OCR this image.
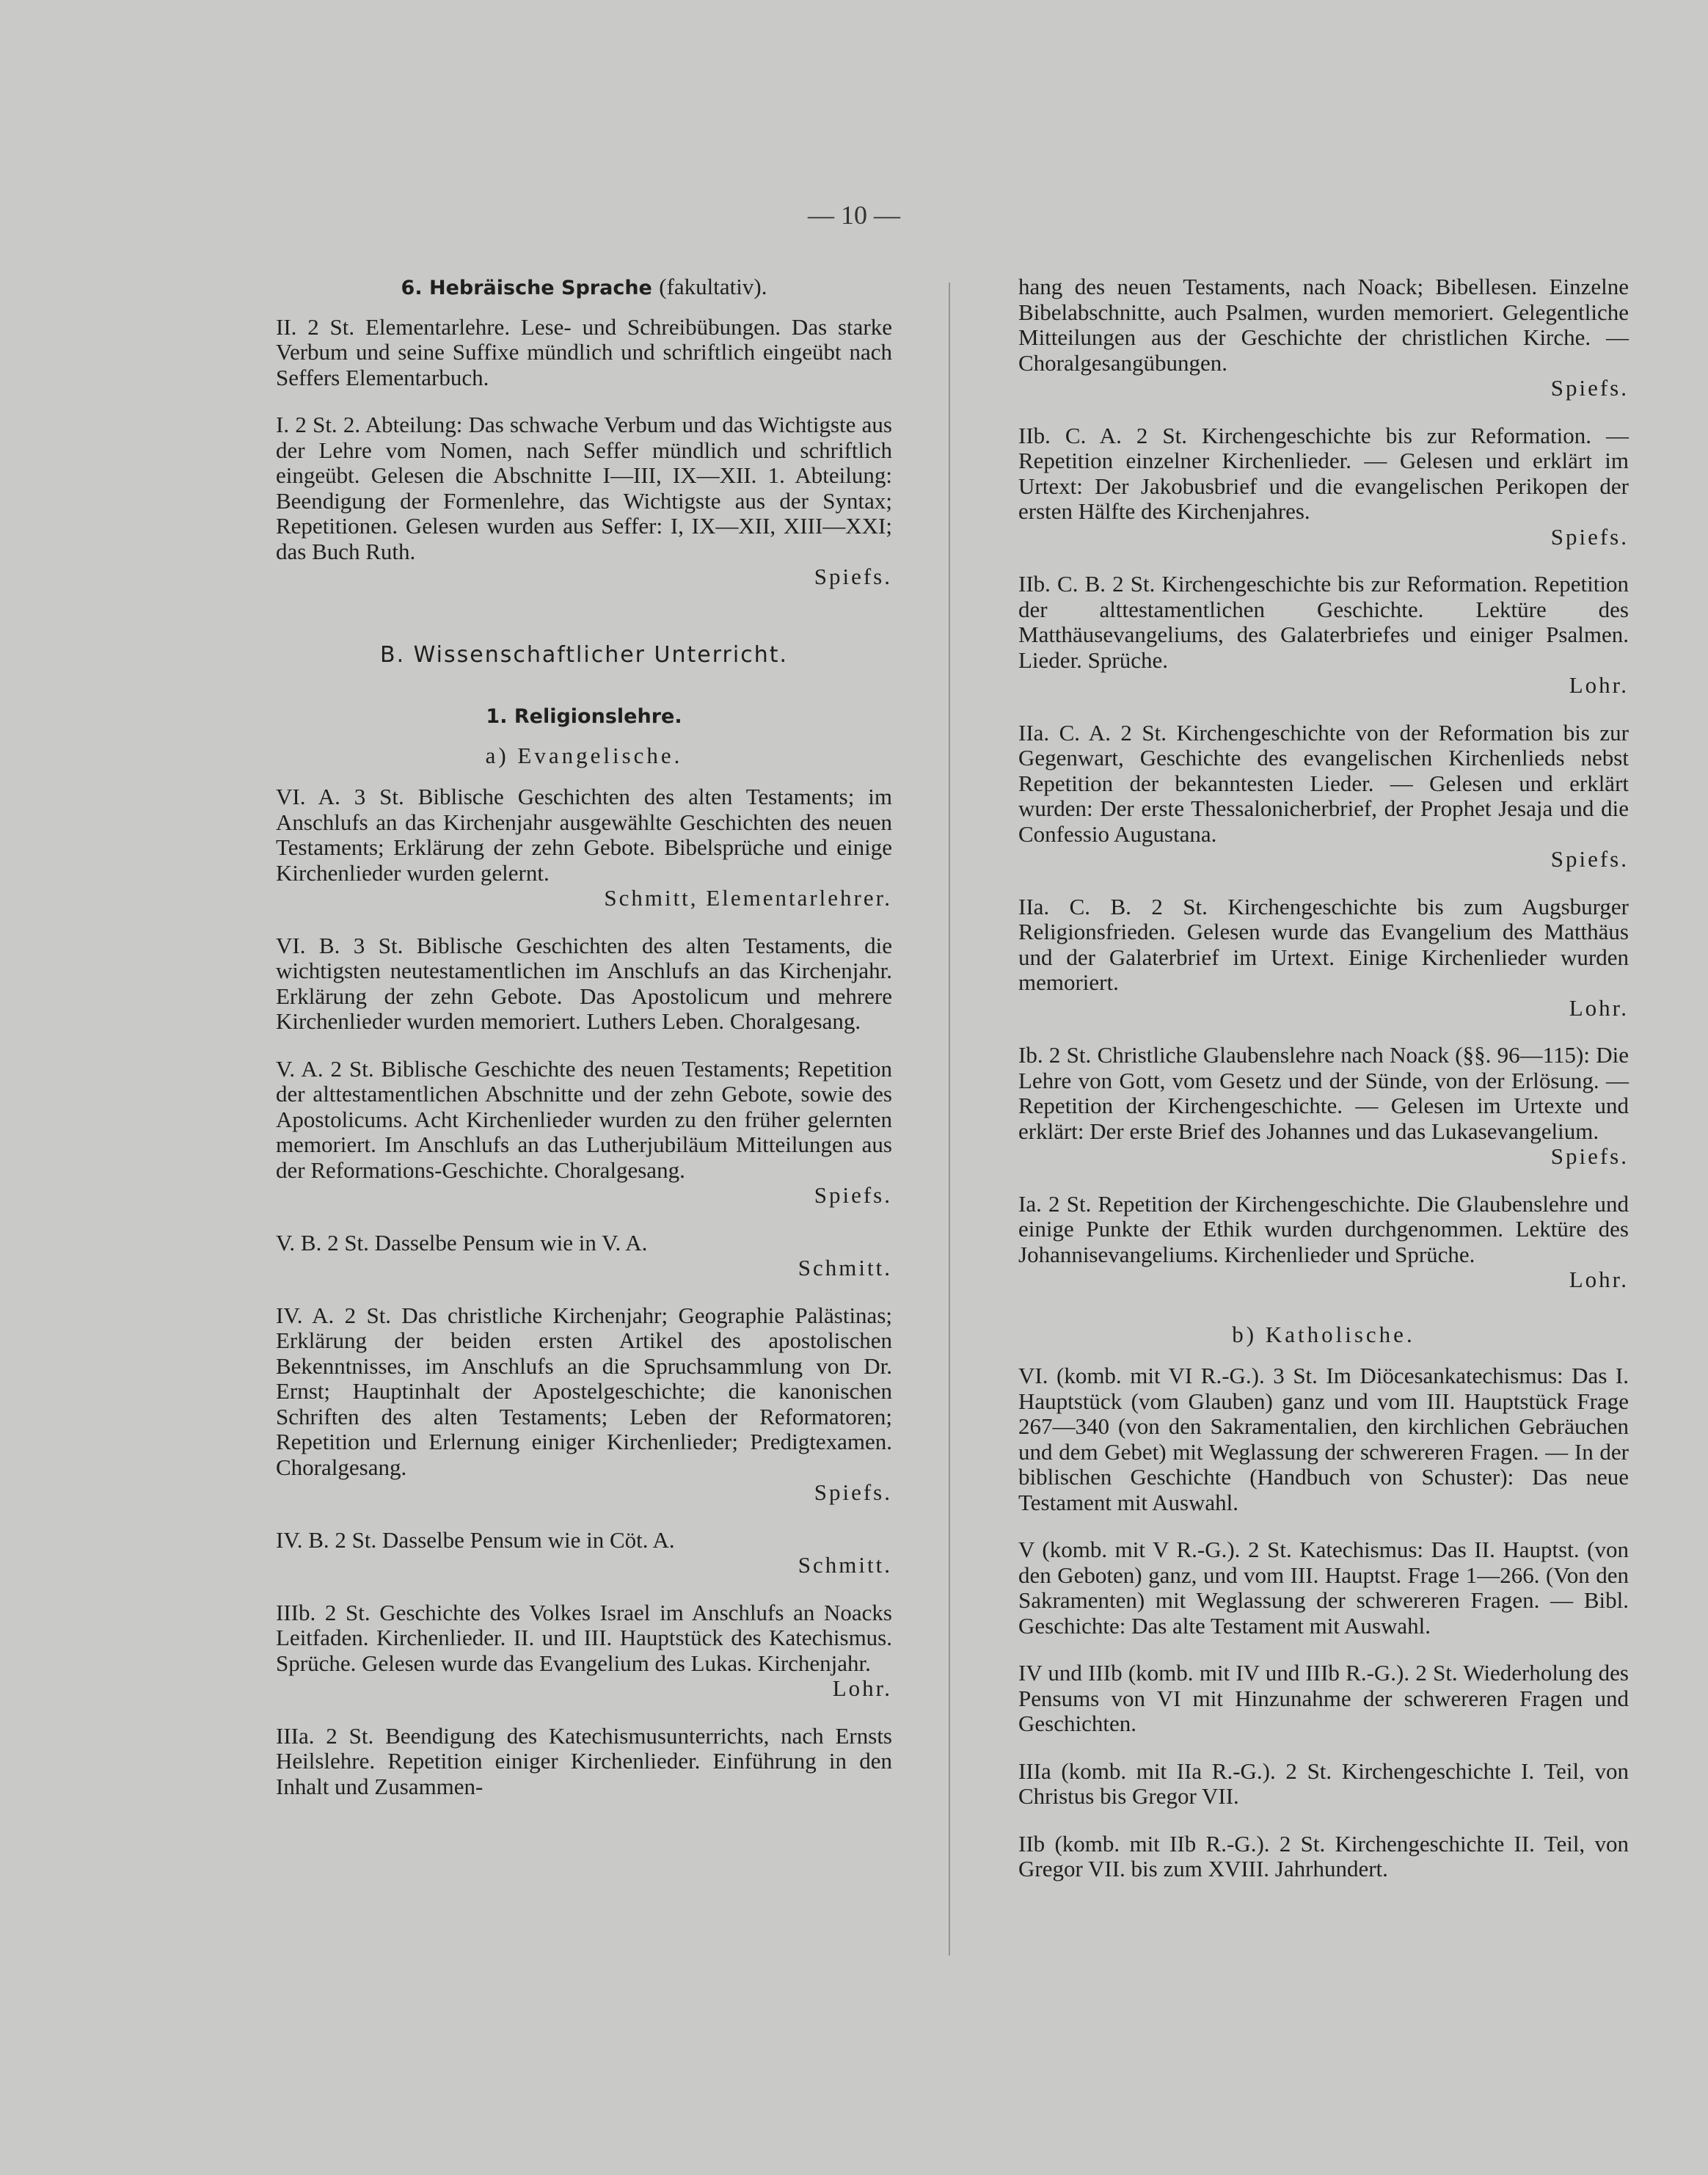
— 10 —
6. Hebräische Sprache (fakultativ).
II. 2 St. Elementarlehre. Lese- und Schreibübungen. Das starke Verbum und seine Suffixe mündlich und schriftlich eingeübt nach Seffers Elementarbuch.
I. 2 St. 2. Abteilung: Das schwache Verbum und das Wichtigste aus der Lehre vom Nomen, nach Seffer mündlich und schriftlich eingeübt. Gelesen die Abschnitte I—III, IX—XII. 1. Abteilung: Beendigung der Formenlehre, das Wichtigste aus der Syntax; Repetitionen. Gelesen wurden aus Seffer: I, IX—XII, XIII—XXI; das Buch Ruth.
Spiefs.
B. Wissenschaftlicher Unterricht.
1. Religionslehre.
a) Evangelische.
VI. A. 3 St. Biblische Geschichten des alten Testaments; im Anschlufs an das Kirchenjahr ausgewählte Geschichten des neuen Testaments; Erklärung der zehn Gebote. Bibelsprüche und einige Kirchenlieder wurden gelernt.
Schmitt, Elementarlehrer.
VI. B. 3 St. Biblische Geschichten des alten Testaments, die wichtigsten neutestamentlichen im Anschlufs an das Kirchenjahr. Erklärung der zehn Gebote. Das Apostolicum und mehrere Kirchenlieder wurden memoriert. Luthers Leben. Choralgesang.
V. A. 2 St. Biblische Geschichte des neuen Testaments; Repetition der alttestamentlichen Abschnitte und der zehn Gebote, sowie des Apostolicums. Acht Kirchenlieder wurden zu den früher gelernten memoriert. Im Anschlufs an das Lutherjubiläum Mitteilungen aus der Reformations-Geschichte. Choralgesang.
Spiefs.
V. B. 2 St. Dasselbe Pensum wie in V. A.
Schmitt.
IV. A. 2 St. Das christliche Kirchenjahr; Geographie Palästinas; Erklärung der beiden ersten Artikel des apostolischen Bekenntnisses, im Anschlufs an die Spruchsammlung von Dr. Ernst; Hauptinhalt der Apostelgeschichte; die kanonischen Schriften des alten Testaments; Leben der Reformatoren; Repetition und Erlernung einiger Kirchenlieder; Predigtexamen. Choralgesang.
Spiefs.
IV. B. 2 St. Dasselbe Pensum wie in Cöt. A.
Schmitt.
IIIb. 2 St. Geschichte des Volkes Israel im Anschlufs an Noacks Leitfaden. Kirchenlieder. II. und III. Hauptstück des Katechismus. Sprüche. Gelesen wurde das Evangelium des Lukas. Kirchenjahr.
Lohr.
IIIa. 2 St. Beendigung des Katechismusunterrichts, nach Ernsts Heilslehre. Repetition einiger Kirchenlieder. Einführung in den Inhalt und Zusammen-
hang des neuen Testaments, nach Noack; Bibellesen. Einzelne Bibelabschnitte, auch Psalmen, wurden memoriert. Gelegentliche Mitteilungen aus der Geschichte der christlichen Kirche. — Choralgesangübungen.
Spiefs.
IIb. C. A. 2 St. Kirchengeschichte bis zur Reformation. — Repetition einzelner Kirchenlieder. — Gelesen und erklärt im Urtext: Der Jakobusbrief und die evangelischen Perikopen der ersten Hälfte des Kirchenjahres.
Spiefs.
IIb. C. B. 2 St. Kirchengeschichte bis zur Reformation. Repetition der alttestamentlichen Geschichte. Lektüre des Matthäusevangeliums, des Galaterbriefes und einiger Psalmen. Lieder. Sprüche.
Lohr.
IIa. C. A. 2 St. Kirchengeschichte von der Reformation bis zur Gegenwart, Geschichte des evangelischen Kirchenlieds nebst Repetition der bekanntesten Lieder. — Gelesen und erklärt wurden: Der erste Thessalonicherbrief, der Prophet Jesaja und die Confessio Augustana.
Spiefs.
IIa. C. B. 2 St. Kirchengeschichte bis zum Augsburger Religionsfrieden. Gelesen wurde das Evangelium des Matthäus und der Galaterbrief im Urtext. Einige Kirchenlieder wurden memoriert.
Lohr.
Ib. 2 St. Christliche Glaubenslehre nach Noack (§§. 96—115): Die Lehre von Gott, vom Gesetz und der Sünde, von der Erlösung. — Repetition der Kirchengeschichte. — Gelesen im Urtexte und erklärt: Der erste Brief des Johannes und das Lukasevangelium.
Spiefs.
Ia. 2 St. Repetition der Kirchengeschichte. Die Glaubenslehre und einige Punkte der Ethik wurden durchgenommen. Lektüre des Johannisevangeliums. Kirchenlieder und Sprüche.
Lohr.
b) Katholische.
VI. (komb. mit VI R.-G.). 3 St. Im Diöcesankatechismus: Das I. Hauptstück (vom Glauben) ganz und vom III. Hauptstück Frage 267—340 (von den Sakramentalien, den kirchlichen Gebräuchen und dem Gebet) mit Weglassung der schwereren Fragen. — In der biblischen Geschichte (Handbuch von Schuster): Das neue Testament mit Auswahl.
V (komb. mit V R.-G.). 2 St. Katechismus: Das II. Hauptst. (von den Geboten) ganz, und vom III. Hauptst. Frage 1—266. (Von den Sakramenten) mit Weglassung der schwereren Fragen. — Bibl. Geschichte: Das alte Testament mit Auswahl.
IV und IIIb (komb. mit IV und IIIb R.-G.). 2 St. Wiederholung des Pensums von VI mit Hinzunahme der schwereren Fragen und Geschichten.
IIIa (komb. mit IIa R.-G.). 2 St. Kirchengeschichte I. Teil, von Christus bis Gregor VII.
IIb (komb. mit IIb R.-G.). 2 St. Kirchengeschichte II. Teil, von Gregor VII. bis zum XVIII. Jahrhundert.
